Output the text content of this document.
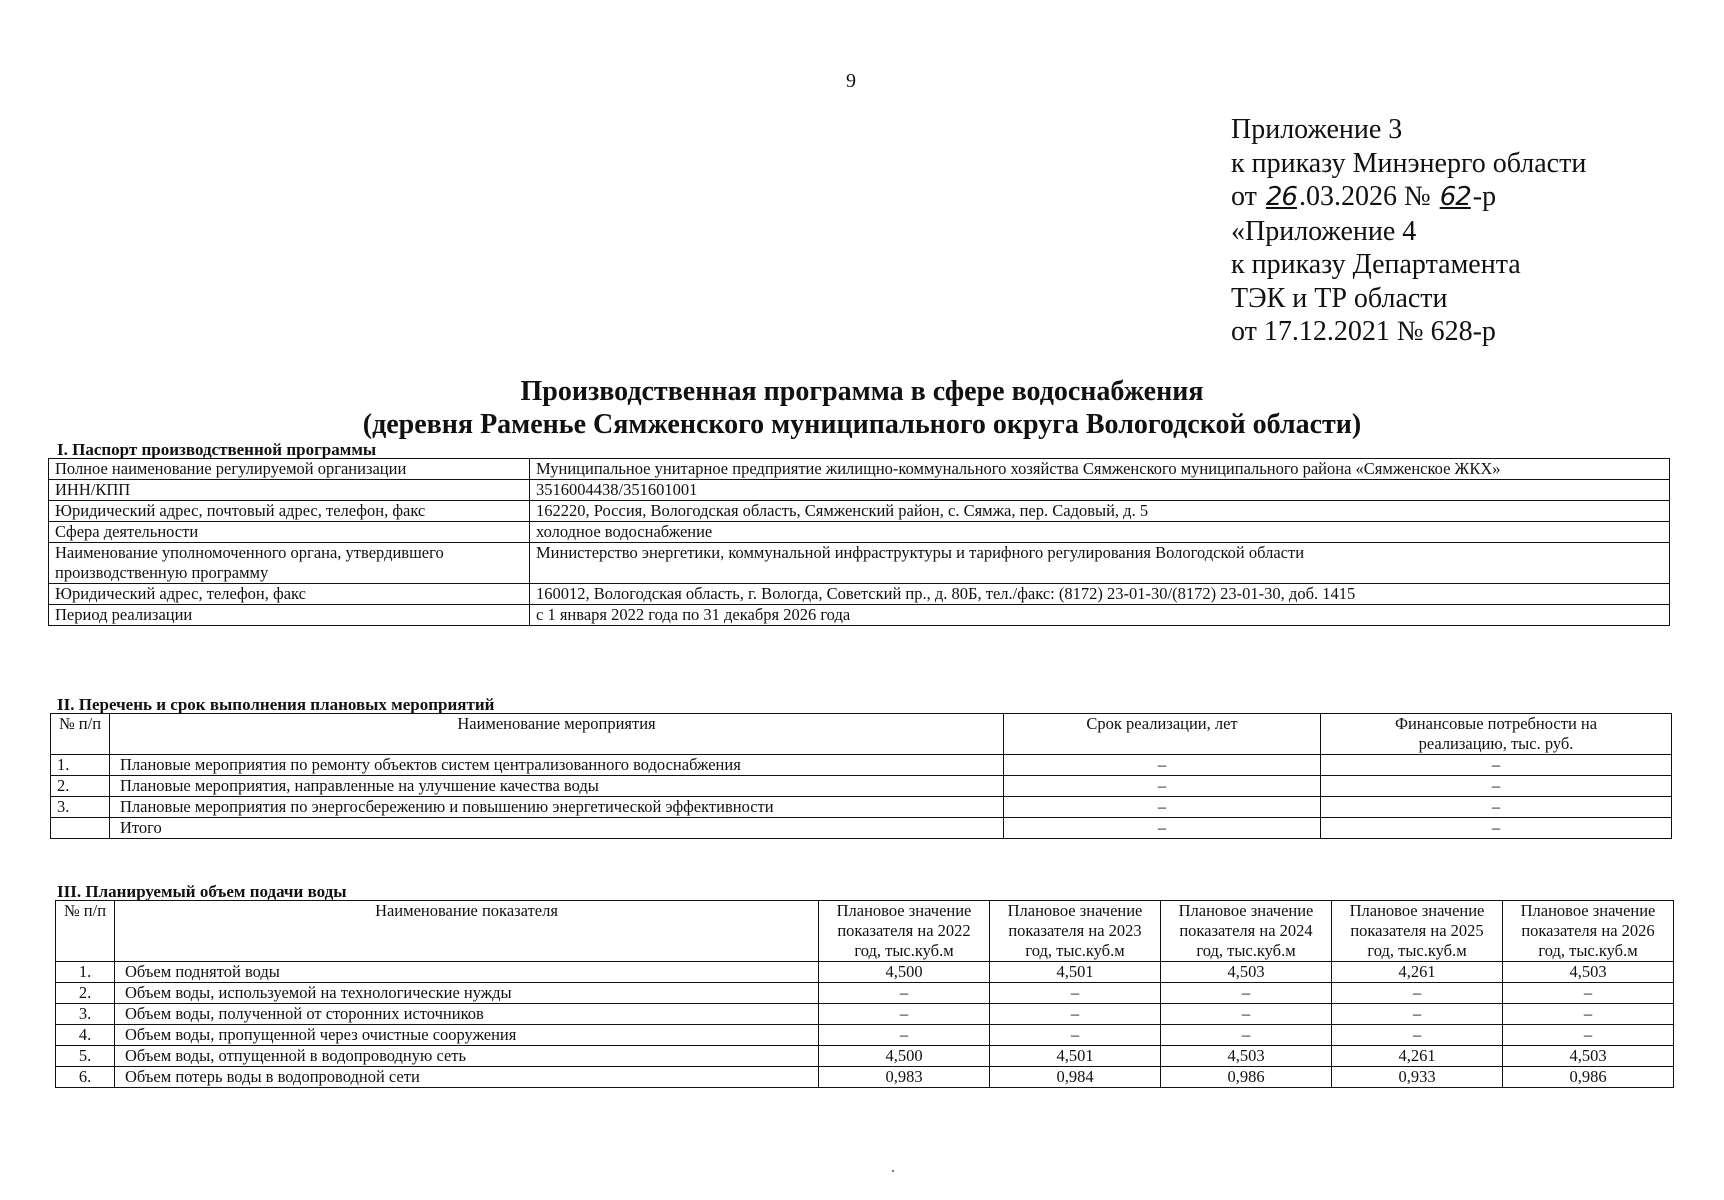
9
Приложение 3
к приказу Минэнерго области
от 26.03.2026 № 62-р
«Приложение 4
к приказу Департамента
ТЭК и ТР области
от 17.12.2021 № 628-р
Производственная программа в сфере водоснабжения
(деревня Раменье Сямженского муниципального округа Вологодской области)
I. Паспорт производственной программы
Полное наименование регулируемой организации	Муниципальное унитарное предприятие жилищно-коммунального хозяйства Сямженского муниципального района «Сямженское ЖКХ»
ИНН/КПП	3516004438/351601001
Юридический адрес, почтовый адрес, телефон, факс	162220, Россия, Вологодская область, Сямженский район, с. Сямжа, пер. Садовый, д. 5
Сфера деятельности	холодное водоснабжение
Наименование уполномоченного органа, утвердившего производственную программу	Министерство энергетики, коммунальной инфраструктуры и тарифного регулирования Вологодской области
Юридический адрес, телефон, факс	160012, Вологодская область, г. Вологда, Советский пр., д. 80Б, тел./факс: (8172) 23-01-30/(8172) 23-01-30, доб. 1415
Период реализации	с 1 января 2022 года по 31 декабря 2026 года
II. Перечень и срок выполнения плановых мероприятий
№ п/п	Наименование мероприятия	Срок реализации, лет	Финансовые потребности на реализацию, тыс. руб.
1.	Плановые мероприятия по ремонту объектов систем централизованного водоснабжения	–	–
2.	Плановые мероприятия, направленные на улучшение качества воды	–	–
3.	Плановые мероприятия по энергосбережению и повышению энергетической эффективности	–	–
	Итого	–	–
III. Планируемый объем подачи воды
№ п/п	Наименование показателя	Плановое значение показателя на 2022 год, тыс.куб.м	Плановое значение показателя на 2023 год, тыс.куб.м	Плановое значение показателя на 2024 год, тыс.куб.м	Плановое значение показателя на 2025 год, тыс.куб.м	Плановое значение показателя на 2026 год, тыс.куб.м
1.	Объем поднятой воды	4,500	4,501	4,503	4,261	4,503
2.	Объем воды, используемой на технологические нужды	–	–	–	–	–
3.	Объем воды, полученной от сторонних источников	–	–	–	–	–
4.	Объем воды, пропущенной через очистные сооружения	–	–	–	–	–
5.	Объем воды, отпущенной в водопроводную сеть	4,500	4,501	4,503	4,261	4,503
6.	Объем потерь воды в водопроводной сети	0,983	0,984	0,986	0,933	0,986
